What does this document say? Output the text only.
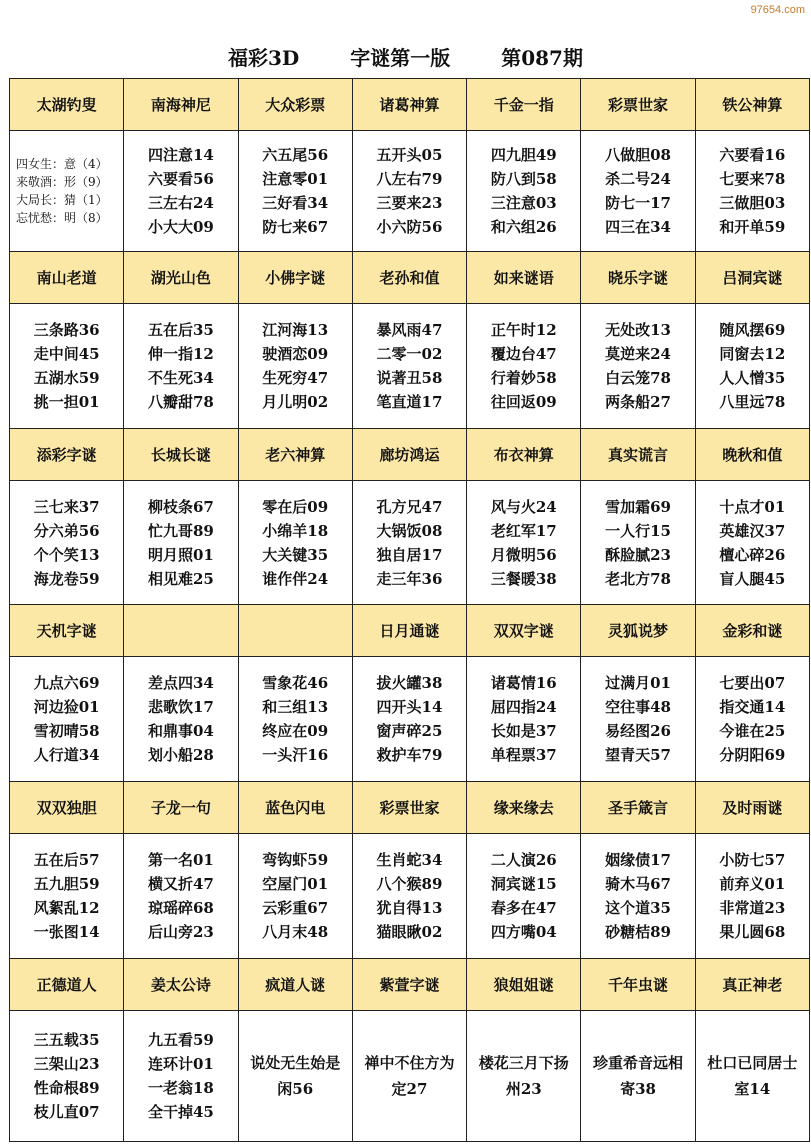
97654.com
福彩3D	字谜第一版	第087期
太湖钓叟	南海神尼	大众彩票	诸葛神算	千金一指	彩票世家	铁公神算

四女生：意（4）
来敬酒：形（9）
大局长：猜（1）
忘忧愁：明（8）	四注意14
六要看56
三左右24
小大大09	六五尾56
注意零01
三好看34
防七来67	五开头05
八左右79
三要来23
小六防56	四九胆49
防八到58
三注意03
和六组26	八做胆08
杀二号24
防七一17
四三在34	六要看16
七要来78
三做胆03
和开单59

南山老道	湖光山色	小佛字谜	老孙和值	如来谜语	晓乐字谜	吕洞宾谜

三条路36
走中间45
五湖水59
挑一担01	五在后35
伸一指12
不生死34
八瓣甜78	江河海13
驶酒恋09
生死穷47
月儿明02	暴风雨47
二零一02
说著丑58
笔直道17	正午时12
覆边台47
行着妙58
往回返09	无处改13
莫逆来24
白云笼78
两条船27	随风摆69
同窗去12
人人憎35
八里远78

添彩字谜	长城长谜	老六神算	廊坊鸿运	布衣神算	真实谎言	晚秋和值

三七来37
分六弟56
个个笑13
海龙卷59	柳枝条67
忙九哥89
明月照01
相见难25	零在后09
小绵羊18
大关键35
谁作伴24	孔方兄47
大锅饭08
独自居17
走三年36	风与火24
老红军17
月微明56
三餐暖38	雪加霜69
一人行15
酥脸腻23
老北方78	十点才01
英雄汉37
檀心碎26
盲人腿45

天机字谜			日月通谜	双双字谜	灵狐说梦	金彩和谜

九点六69
河边猃01
雪初晴58
人行道34	差点四34
悲歌饮17
和鼎事04
划小船28	雪象花46
和三组13
终应在09
一头汗16	拔火罐38
四开头14
窗声碎25
救护车79	诸葛情16
屈四指24
长如是37
单程票37	过满月01
空往事48
易经图26
望青天57	七要出07
指交通14
今谁在25
分阴阳69

双双独胆	子龙一句	蓝色闪电	彩票世家	缘来缘去	圣手箴言	及时雨谜

五在后57
五九胆59
风絮乱12
一张图14	第一名01
横又折47
琼瑶碎68
后山旁23	弯钩虾59
空屋门01
云彩重67
八月末48	生肖蛇34
八个猴89
犹自得13
猫眼瞅02	二人演26
洞宾谜15
春多在47
四方嘴04	姻缘债17
骑木马67
这个道35
砂糖桔89	小防七57
前弃义01
非常道23
果儿圆68

正德道人	姜太公诗	疯道人谜	紫萱字谜	狼姐姐谜	千年虫谜	真正神老

三五载35
三架山23
性命根89
枝儿直07	九五看59
连环计01
一老翁18
全干掉45	说处无生始是
闲56	禅中不住方为
定27	楼花三月下扬
州23	珍重希音远相
寄38	杜口已同居士
室14
